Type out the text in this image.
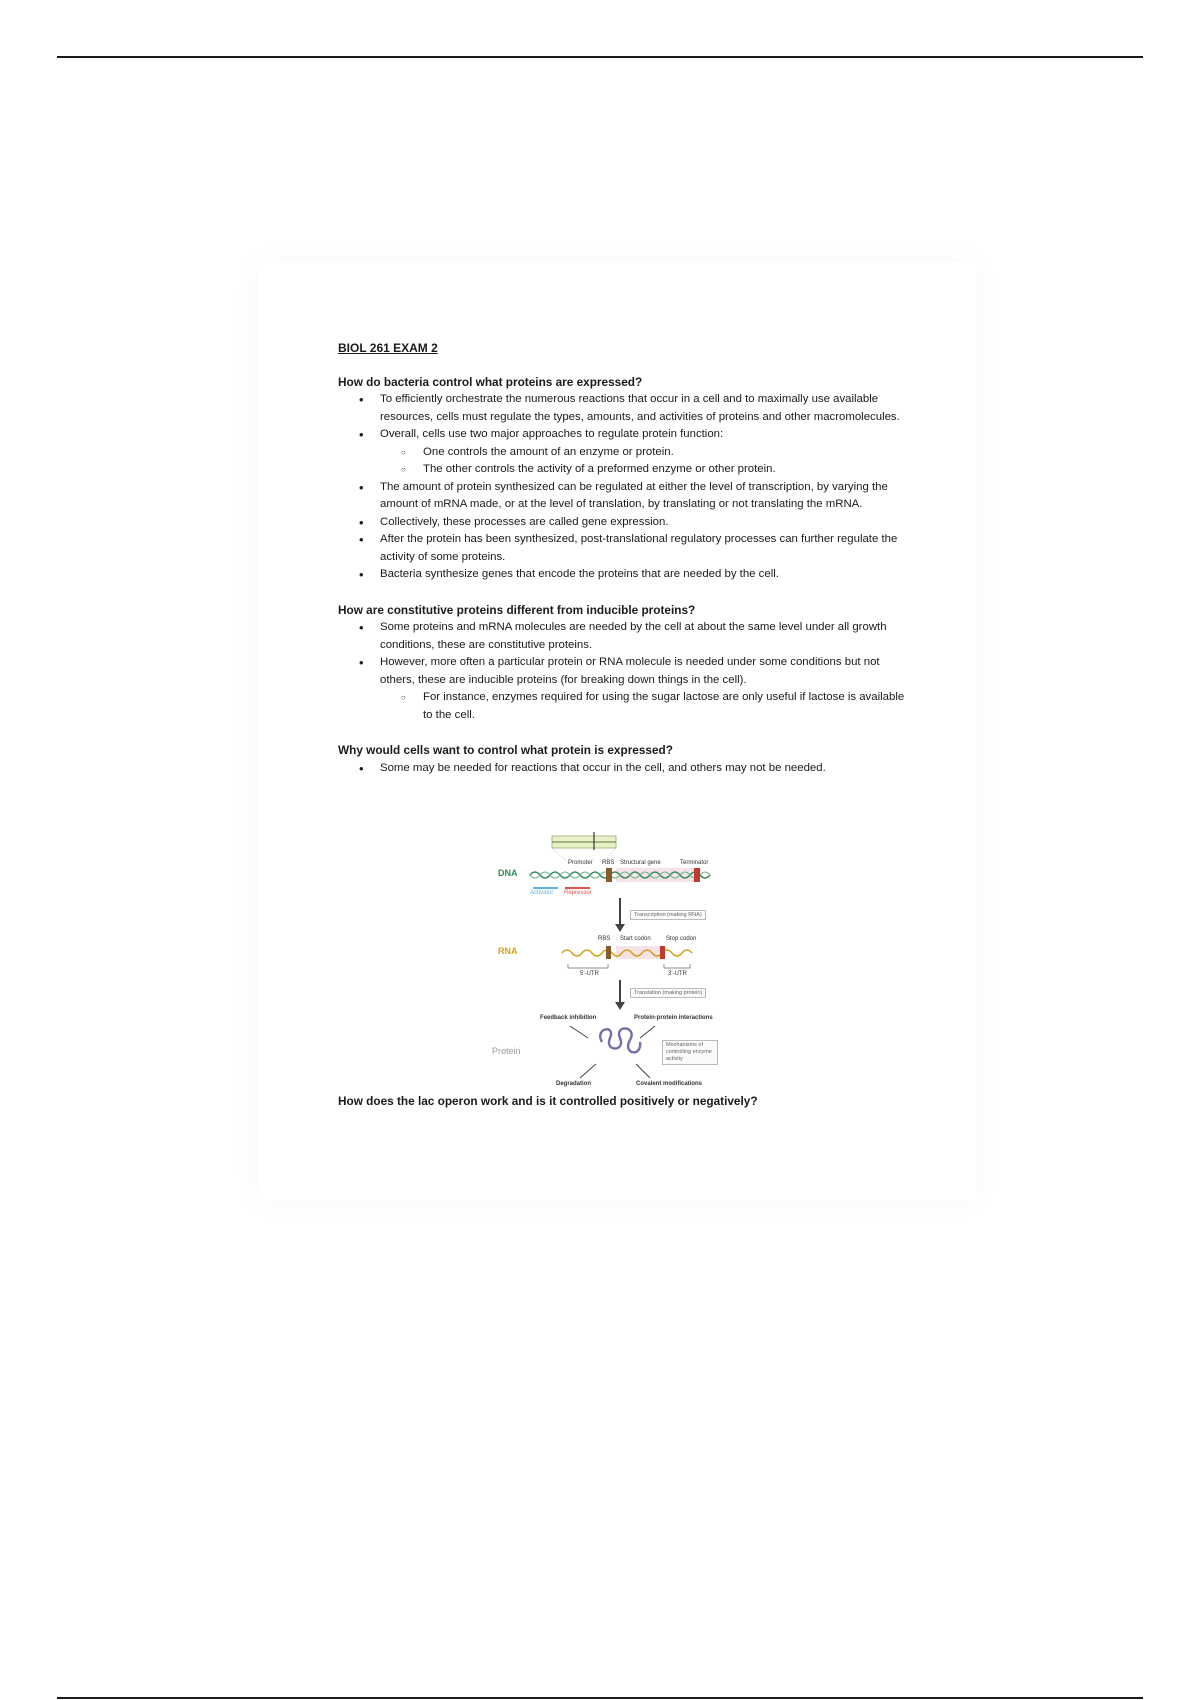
BIOL 261 EXAM 2
How do bacteria control what proteins are expressed?
• To efficiently orchestrate the numerous reactions that occur in a cell and to maximally use available resources, cells must regulate the types, amounts, and activities of proteins and other macromolecules.
• Overall, cells use two major approaches to regulate protein function:
○ One controls the amount of an enzyme or protein.
○ The other controls the activity of a preformed enzyme or other protein.
• The amount of protein synthesized can be regulated at either the level of transcription, by varying the amount of mRNA made, or at the level of translation, by translating or not translating the mRNA.
• Collectively, these processes are called gene expression.
• After the protein has been synthesized, post-translational regulatory processes can further regulate the activity of some proteins.
• Bacteria synthesize genes that encode the proteins that are needed by the cell.
How are constitutive proteins different from inducible proteins?
• Some proteins and mRNA molecules are needed by the cell at about the same level under all growth conditions, these are constitutive proteins.
• However, more often a particular protein or RNA molecule is needed under some conditions but not others, these are inducible proteins (for breaking down things in the cell).
○ For instance, enzymes required for using the sugar lactose are only useful if lactose is available to the cell.
Why would cells want to control what protein is expressed?
• Some may be needed for reactions that occur in the cell, and others may not be needed.
DNA
Promoter RBS Structural gene	Terminator
Activator Repressor
Transcription (making RNA)
RNA
RBS Start codon	Stop codon
5'-UTR	3'-UTR
Translation (making protein)
Feedback inhibition	Protein-protein interactions
Protein
Mechanisms of controlling enzyme activity
Degradation	Covalent modifications
How does the lac operon work and is it controlled positively or negatively?
